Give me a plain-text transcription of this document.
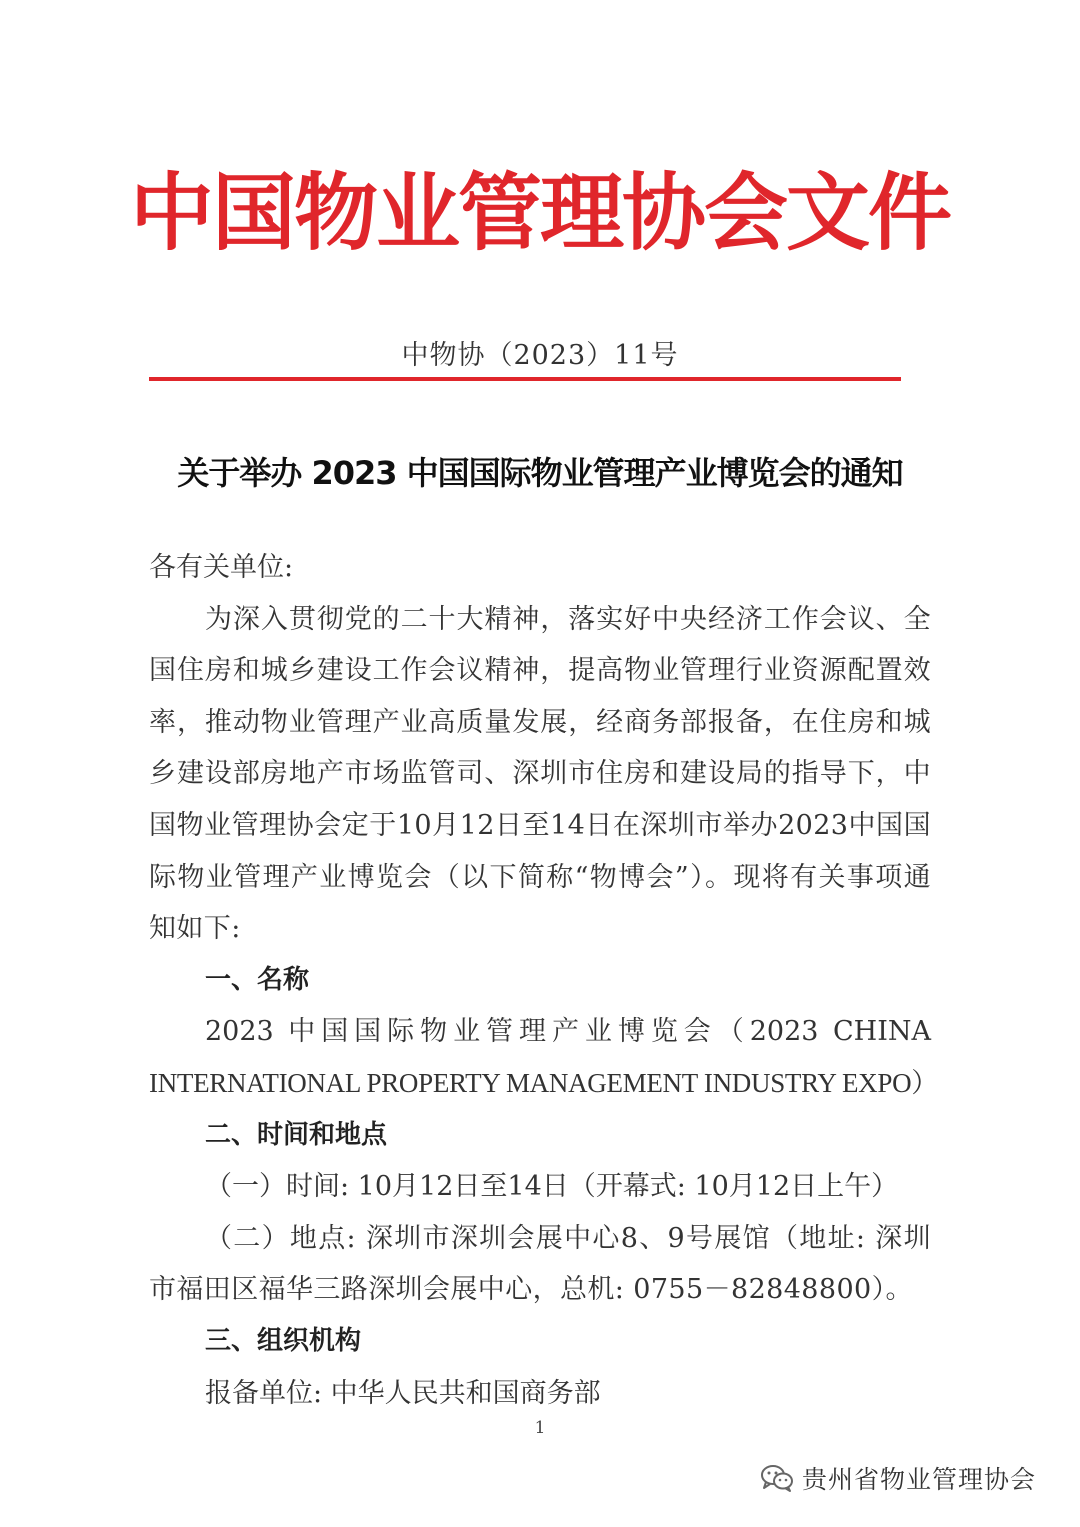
中国物业管理协会文件
中物协（2023）11号
关于举办 2023 中国国际物业管理产业博览会的通知

各有关单位:

为深入贯彻党的二十大精神，落实好中央经济工作会议、全国住房和城乡建设工作会议精神，提高物业管理行业资源配置效率，推动物业管理产业高质量发展，经商务部报备，在住房和城乡建设部房地产市场监管司、深圳市住房和建设局的指导下，中国物业管理协会定于10月12日至14日在深圳市举办2023中国国际物业管理产业博览会（以下简称“物博会”）。现将有关事项通知如下:

一、名称

2023 中国国际物业管理产业博览会（2023 CHINA

INTERNATIONAL PROPERTY MANAGEMENT INDUSTRY EXPO）

二、时间和地点

（一）时间: 10月12日至14日（开幕式: 10月12日上午）

（二）地点: 深圳市深圳会展中心8、9号展馆（地址: 深圳市福田区福华三路深圳会展中心，总机: 0755－82848800）。

三、组织机构

报备单位: 中华人民共和国商务部

1
贵州省物业管理协会
